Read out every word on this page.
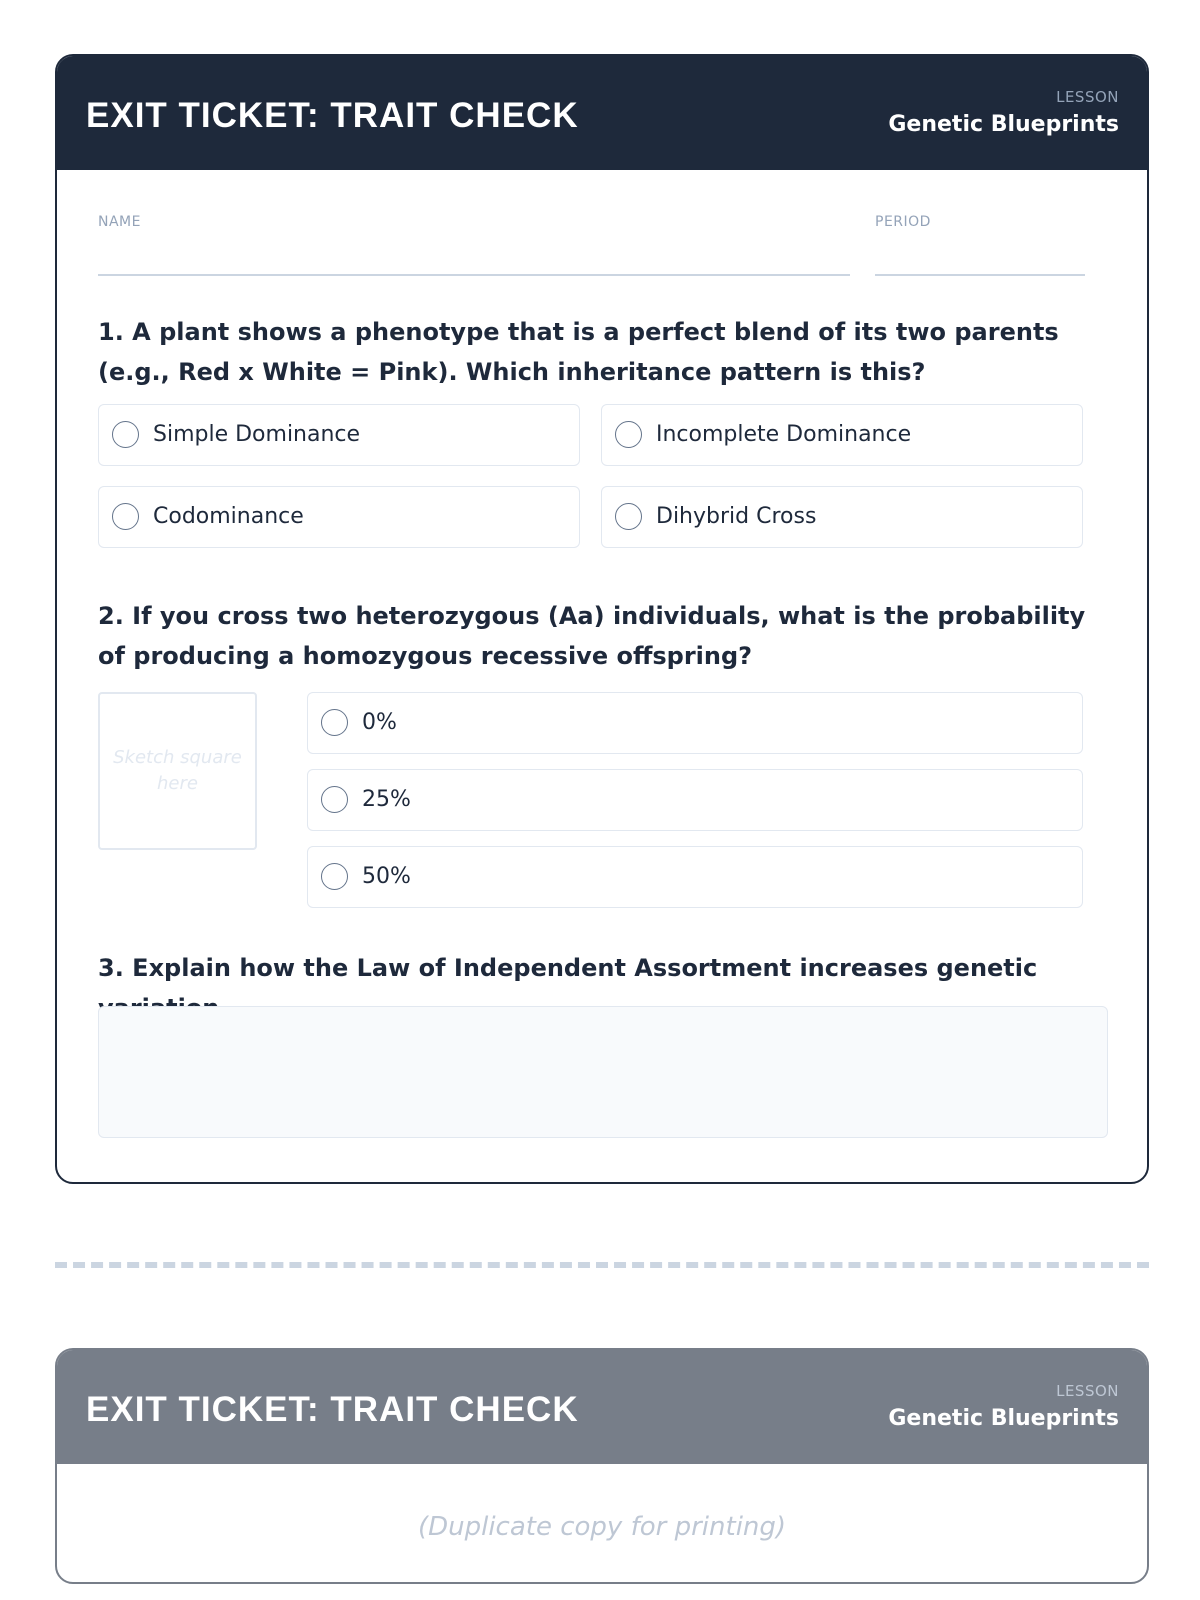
EXIT TICKET: TRAIT CHECK	LESSON
Genetic Blueprints
NAME	PERIOD
1. A plant shows a phenotype that is a perfect blend of its two parents (e.g., Red x White = Pink). Which inheritance pattern is this?
Simple Dominance	Incomplete Dominance
Codominance	Dihybrid Cross
2. If you cross two heterozygous (Aa) individuals, what is the probability of producing a homozygous recessive offspring?
Sketch square here
0%
25%
50%
3. Explain how the Law of Independent Assortment increases genetic
EXIT TICKET: TRAIT CHECK	LESSON
Genetic Blueprints
(Duplicate copy for printing)
